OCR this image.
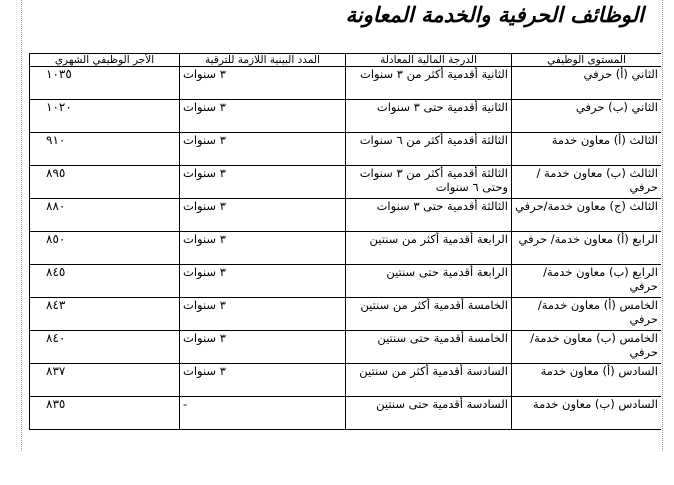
الوظائف الحرفية والخدمة المعاونة
المستوى الوظيفي	الدرجة المالية المعادلة	المدد البينية اللازمة للترقية	الأجر الوظيفي الشهري
الثاني (أ) حرفي	الثانية أقدمية أكثر من ٣ سنوات	٣ سنوات	١٠٣٥
الثاني (ب) حرفي	الثانية أقدمية حتى ٣ سنوات	٣ سنوات	١٠٢٠
الثالث (أ) معاون خدمة	الثالثة أقدمية أكثر من ٦ سنوات	٣ سنوات	٩١٠
الثالث (ب) معاون خدمة / حرفي	الثالثة أقدمية أكثر من ٣ سنوات وحتى ٦ سنوات	٣ سنوات	٨٩٥
الثالث (ج) معاون خدمة/حرفي	الثالثة أقدمية حتى ٣ سنوات	٣ سنوات	٨٨٠
الرابع (أ) معاون خدمة/ حرفي	الرابعة أقدمية أكثر من سنتين	٣ سنوات	٨٥٠
الرابع (ب) معاون خدمة/حرفي	الرابعة أقدمية حتى سنتين	٣ سنوات	٨٤٥
الخامس (أ) معاون خدمة/حرفي	الخامسة أقدمية أكثر من سنتين	٣ سنوات	٨٤٣
الخامس (ب) معاون خدمة/حرفي	الخامسة أقدمية حتى سنتين	٣ سنوات	٨٤٠
السادس (أ) معاون خدمة	السادسة أقدمية أكثر من سنتين	٣ سنوات	٨٣٧
السادس (ب) معاون خدمة	السادسة أقدمية حتى سنتين	-	٨٣٥
